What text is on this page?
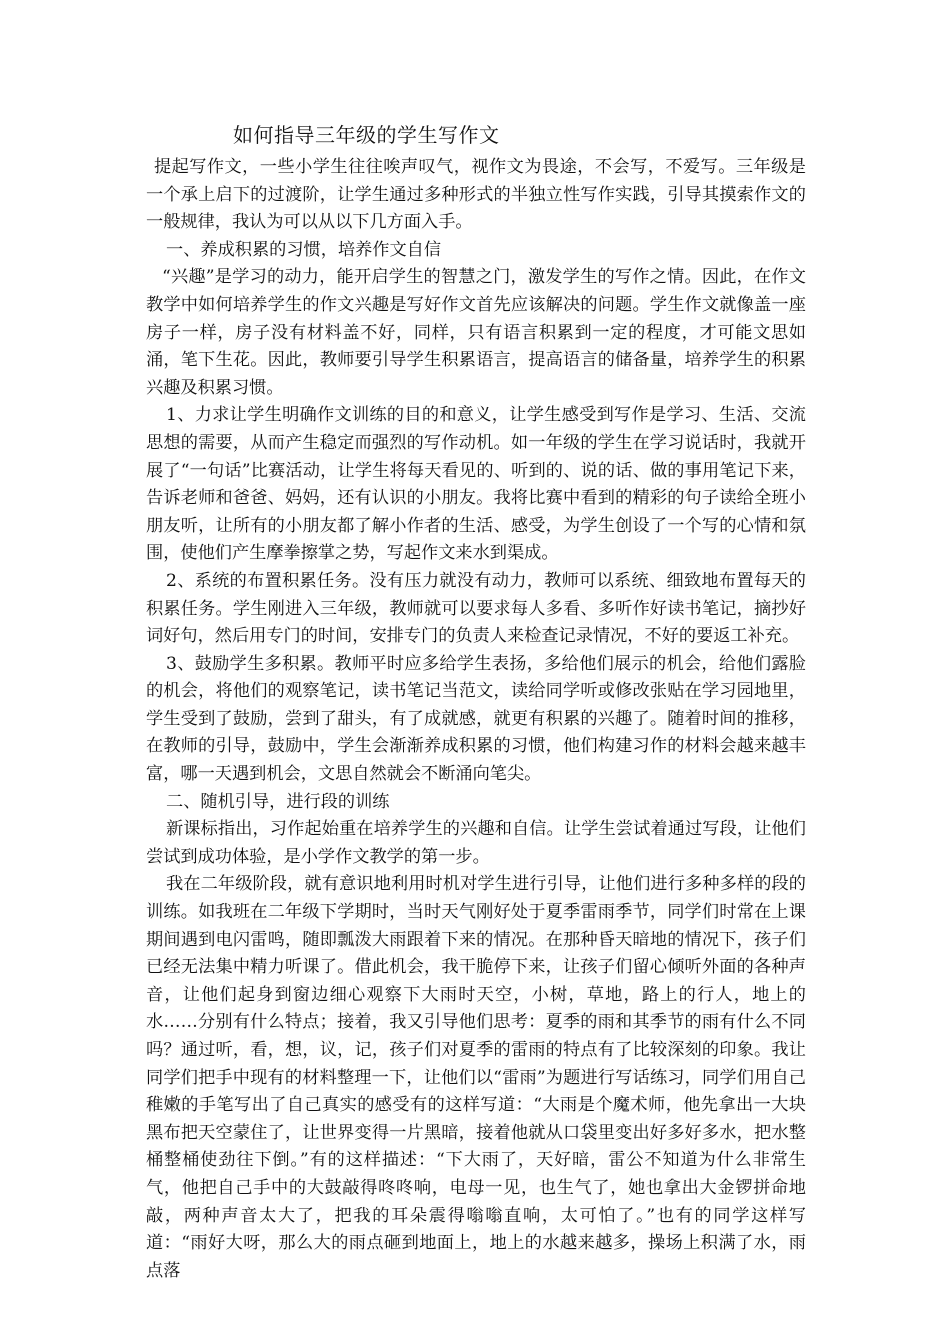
如何指导三年级的学生写作文

提起写作文，一些小学生往往唉声叹气，视作文为畏途，不会写，不爱写。三年级是一个承上启下的过渡阶，让学生通过多种形式的半独立性写作实践，引导其摸索作文的一般规律，我认为可以从以下几方面入手。

一、养成积累的习惯，培养作文自信

“兴趣”是学习的动力，能开启学生的智慧之门，激发学生的写作之情。因此，在作文教学中如何培养学生的作文兴趣是写好作文首先应该解决的问题。学生作文就像盖一座房子一样，房子没有材料盖不好，同样，只有语言积累到一定的程度，才可能文思如涌，笔下生花。因此，教师要引导学生积累语言，提高语言的储备量，培养学生的积累兴趣及积累习惯。

1、力求让学生明确作文训练的目的和意义，让学生感受到写作是学习、生活、交流思想的需要，从而产生稳定而强烈的写作动机。如一年级的学生在学习说话时，我就开展了“一句话”比赛活动，让学生将每天看见的、听到的、说的话、做的事用笔记下来，告诉老师和爸爸、妈妈，还有认识的小朋友。我将比赛中看到的精彩的句子读给全班小朋友听，让所有的小朋友都了解小作者的生活、感受，为学生创设了一个写的心情和氛围，使他们产生摩拳擦掌之势，写起作文来水到渠成。

2、系统的布置积累任务。没有压力就没有动力，教师可以系统、细致地布置每天的积累任务。学生刚进入三年级，教师就可以要求每人多看、多听作好读书笔记，摘抄好词好句，然后用专门的时间，安排专门的负责人来检查记录情况，不好的要返工补充。

3、鼓励学生多积累。教师平时应多给学生表扬，多给他们展示的机会，给他们露脸的机会，将他们的观察笔记，读书笔记当范文，读给同学听或修改张贴在学习园地里，学生受到了鼓励，尝到了甜头，有了成就感，就更有积累的兴趣了。随着时间的推移，在教师的引导，鼓励中，学生会渐渐养成积累的习惯，他们构建习作的材料会越来越丰富，哪一天遇到机会，文思自然就会不断涌向笔尖。

二、随机引导，进行段的训练

新课标指出，习作起始重在培养学生的兴趣和自信。让学生尝试着通过写段，让他们尝试到成功体验，是小学作文教学的第一步。

我在二年级阶段，就有意识地利用时机对学生进行引导，让他们进行多种多样的段的训练。如我班在二年级下学期时，当时天气刚好处于夏季雷雨季节，同学们时常在上课期间遇到电闪雷鸣，随即瓢泼大雨跟着下来的情况。在那种昏天暗地的情况下，孩子们已经无法集中精力听课了。借此机会，我干脆停下来，让孩子们留心倾听外面的各种声音，让他们起身到窗边细心观察下大雨时天空，小树，草地，路上的行人，地上的水……分别有什么特点；接着，我又引导他们思考：夏季的雨和其季节的雨有什么不同吗？通过听，看，想，议，记，孩子们对夏季的雷雨的特点有了比较深刻的印象。我让同学们把手中现有的材料整理一下，让他们以“雷雨”为题进行写话练习，同学们用自己稚嫩的手笔写出了自己真实的感受有的这样写道：“大雨是个魔术师，他先拿出一大块黑布把天空蒙住了，让世界变得一片黑暗，接着他就从口袋里变出好多好多水，把水整桶整桶使劲往下倒。”有的这样描述：“下大雨了，天好暗，雷公不知道为什么非常生气，他把自己手中的大鼓敲得咚咚响，电母一见，也生气了，她也拿出大金锣拼命地敲，两种声音太大了，把我的耳朵震得嗡嗡直响，太可怕了。”也有的同学这样写道：“雨好大呀，那么大的雨点砸到地面上，地上的水越来越多，操场上积满了水，雨点落
